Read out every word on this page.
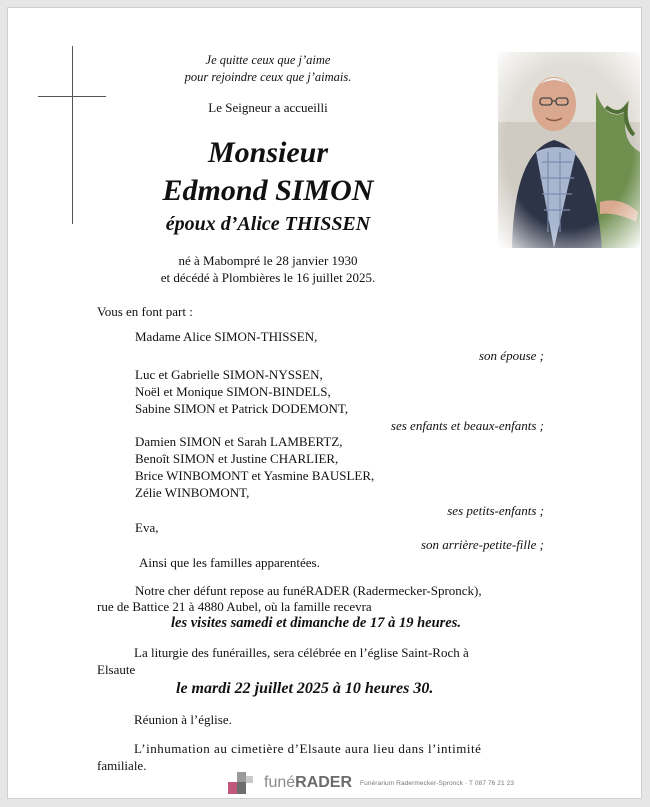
Je quitte ceux que j’aime
pour rejoindre ceux que j’aimais.
Le Seigneur a accueilli
Monsieur
Edmond SIMON
époux d’Alice THISSEN
né à Mabompré le 28 janvier 1930
et décédé à Plombières le 16 juillet 2025.
Vous en font part :
Madame Alice SIMON-THISSEN,
son épouse ;
Luc et Gabrielle SIMON-NYSSEN,
Noël et Monique SIMON-BINDELS,
Sabine SIMON et Patrick DODEMONT,
ses enfants et beaux-enfants ;
Damien SIMON et Sarah LAMBERTZ,
Benoît SIMON et Justine CHARLIER,
Brice WINBOMONT et Yasmine BAUSLER,
Zélie WINBOMONT,
ses petits-enfants ;
Eva,
son arrière-petite-fille ;
Ainsi que les familles apparentées.
Notre cher défunt repose au funéRADER (Radermecker-Spronck),

rue de Battice 21 à 4880 Aubel, où la famille recevra
les visites samedi et dimanche de 17 à 19 heures.
La liturgie des funérailles, sera célébrée en l’église Saint-Roch à
Elsaute
le mardi 22 juillet 2025 à 10 heures 30.
Réunion à l’église.
L’inhumation au cimetière d’Elsaute aura lieu dans l’intimité
familiale.
funéRADER Funérarium Radermecker-Spronck · T 087 76 21 23
